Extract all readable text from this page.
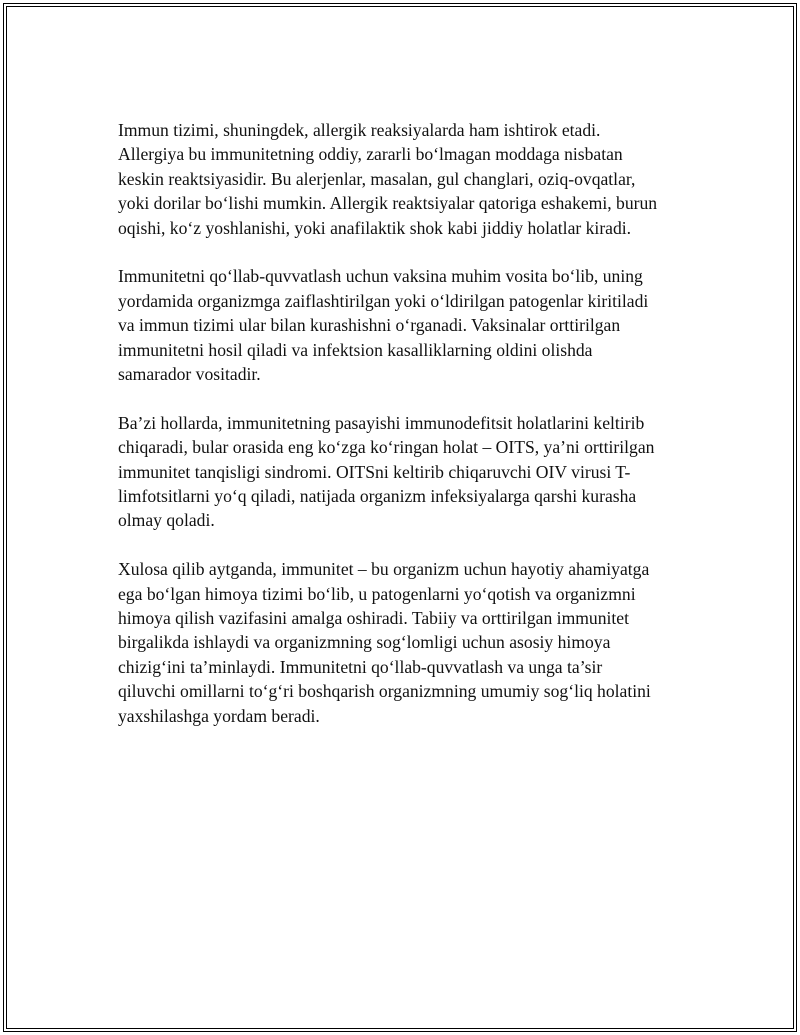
Immun tizimi, shuningdek, allergik reaksiyalarda ham ishtirok etadi.
Allergiya bu immunitetning oddiy, zararli bo‘lmagan moddaga nisbatan
keskin reaktsiyasidir. Bu alerjenlar, masalan, gul changlari, oziq-ovqatlar,
yoki dorilar bo‘lishi mumkin. Allergik reaktsiyalar qatoriga eshakemi, burun
oqishi, ko‘z yoshlanishi, yoki anafilaktik shok kabi jiddiy holatlar kiradi.

Immunitetni qo‘llab-quvvatlash uchun vaksina muhim vosita bo‘lib, uning
yordamida organizmga zaiflashtirilgan yoki o‘ldirilgan patogenlar kiritiladi
va immun tizimi ular bilan kurashishni o‘rganadi. Vaksinalar orttirilgan
immunitetni hosil qiladi va infektsion kasalliklarning oldini olishda
samarador vositadir.

Ba’zi hollarda, immunitetning pasayishi immunodefitsit holatlarini keltirib
chiqaradi, bular orasida eng ko‘zga ko‘ringan holat – OITS, ya’ni orttirilgan
immunitet tanqisligi sindromi. OITSni keltirib chiqaruvchi OIV virusi T-
limfotsitlarni yo‘q qiladi, natijada organizm infeksiyalarga qarshi kurasha
olmay qoladi.

Xulosa qilib aytganda, immunitet – bu organizm uchun hayotiy ahamiyatga
ega bo‘lgan himoya tizimi bo‘lib, u patogenlarni yo‘qotish va organizmni
himoya qilish vazifasini amalga oshiradi. Tabiiy va orttirilgan immunitet
birgalikda ishlaydi va organizmning sog‘lomligi uchun asosiy himoya
chizig‘ini ta’minlaydi. Immunitetni qo‘llab-quvvatlash va unga ta’sir
qiluvchi omillarni to‘g‘ri boshqarish organizmning umumiy sog‘liq holatini
yaxshilashga yordam beradi.
